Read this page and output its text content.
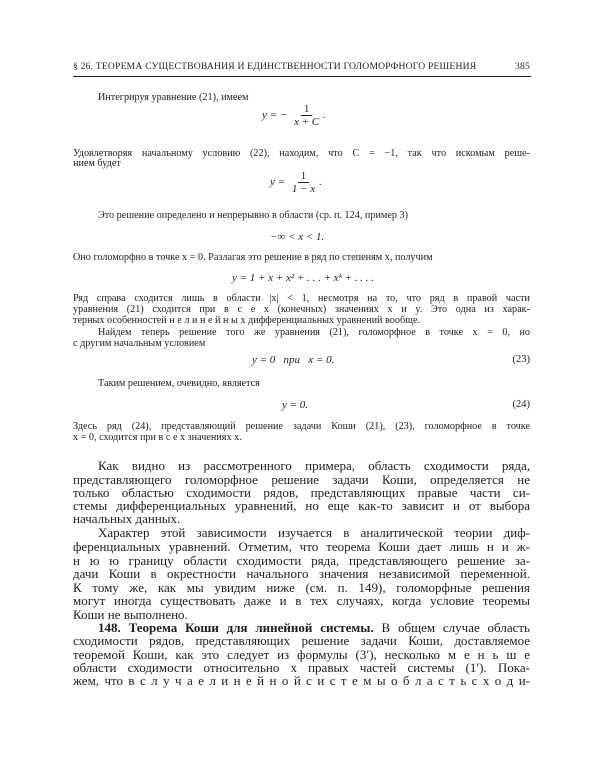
§ 26. ТЕОРЕМА СУЩЕСТВОВАНИЯ И ЕДИНСТВЕННОСТИ ГОЛОМОРФНОГО РЕШЕНИЯ	385
Интегрируя уравнение (21), имеем
y = − $\frac{1}{x + C}$ .
Удовлетворяя начальному условию (22), находим, что C = −1, так что искомым реше-
нием будет
$y = \frac{1}{1 - x}$ .
Это решение определено и непрерывно в области (ср. п. 124, пример 3)
−∞ < x < 1.
Оно голоморфно в точке x = 0. Разлагая это решение в ряд по степеням x, получим
y = 1 + x + x² + . . . + xᵏ + . . . .
Ряд справа сходится лишь в области |x| < 1, несмотря на то, что ряд в правой части
уравнения (21) сходится при в с е х (конечных) значениях x и y. Это одна из харак-
терных особенностей н е л и н е й н ы х дифференциальных уравнений вообще.
Найдем теперь решение того же уравнения (21), голоморфное в точке x = 0, но
с другим начальным условием
y = 0   при   x = 0.	(23)
Таким решением, очевидно, является
y = 0.	(24)
Здесь ряд (24), представляющий решение задачи Коши (21), (23), голоморфное в точке
x = 0, сходится при в с е х значениях x.
Как видно из рассмотренного примера, область сходимости ряда,
представляющего голоморфное решение задачи Коши, определяется не
только областью сходимости рядов, представляющих правые части си-
стемы дифференциальных уравнений, но еще как-то зависит и от выбора
начальных данных.
Характер этой зависимости изучается в аналитической теории диф-
ференциальных уравнений. Отметим, что теорема Коши дает лишь н и ж-
н ю ю границу области сходимости ряда, представляющего решение за-
дачи Коши в окрестности начального значения независимой переменной.
К тому же, как мы увидим ниже (см. п. 149), голоморфные решения
могут иногда существовать даже и в тех случаях, когда условие теоремы
Коши не выполнено.
148. Теорема Коши для линейной системы. В общем случае область
сходимости рядов, представляющих решение задачи Коши, доставляемое
теоремой Коши, как это следует из формулы (3′), несколько м е н ь ш е
области сходимости относительно x правых частей системы (1′). Пока-
жем, что в с л у ч а е л и н е й н о й с и с т е м ы о б л а с т ь с х о д и-
